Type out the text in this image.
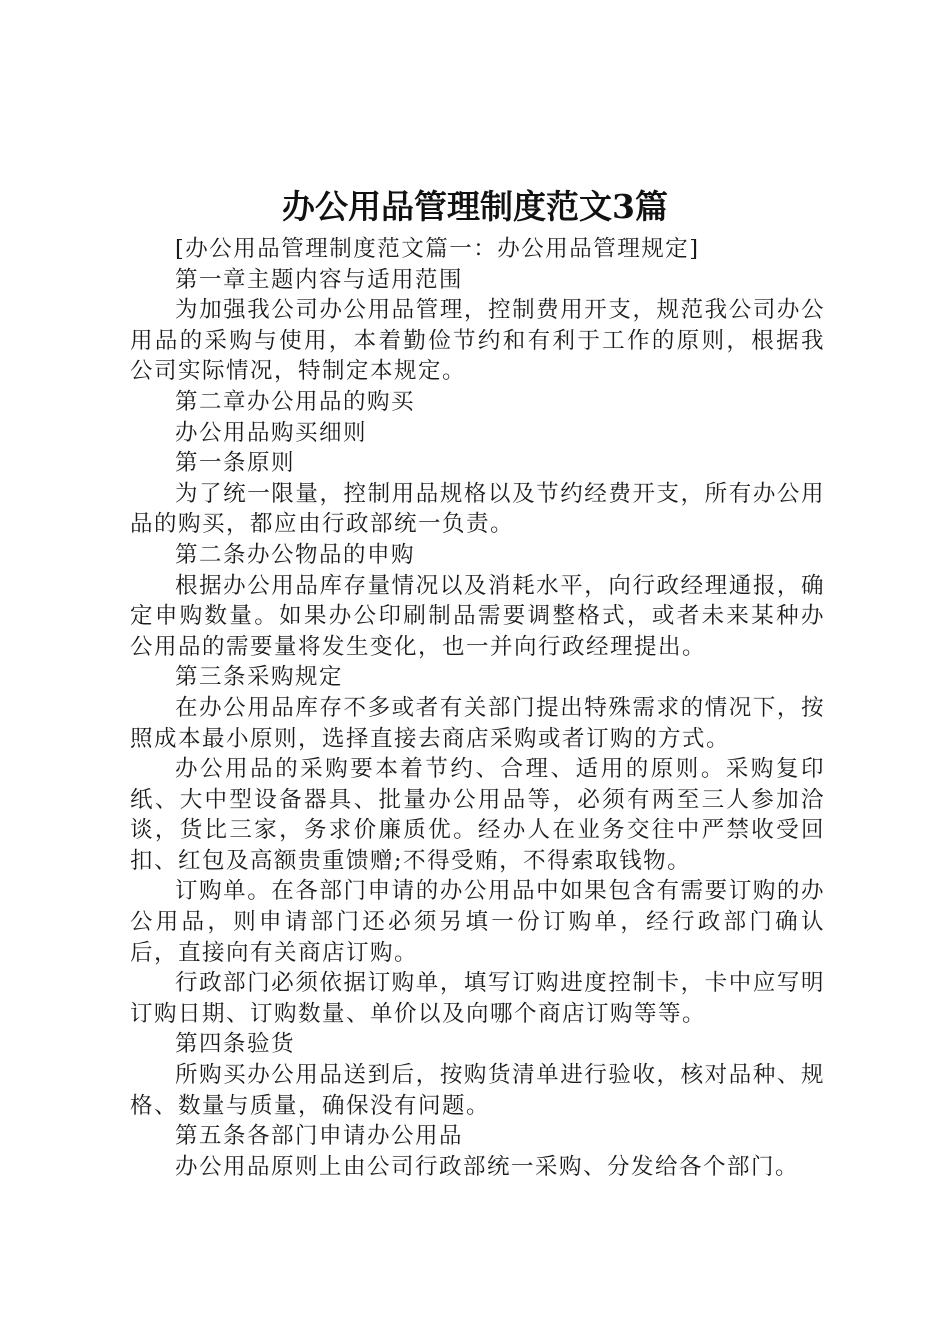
办公用品管理制度范文3篇

[办公用品管理制度范文篇一：办公用品管理规定]

第一章主题内容与适用范围

为加强我公司办公用品管理，控制费用开支，规范我公司办公用品的采购与使用，本着勤俭节约和有利于工作的原则，根据我公司实际情况，特制定本规定。

第二章办公用品的购买

办公用品购买细则

第一条原则

为了统一限量，控制用品规格以及节约经费开支，所有办公用品的购买，都应由行政部统一负责。

第二条办公物品的申购

根据办公用品库存量情况以及消耗水平，向行政经理通报，确定申购数量。如果办公印刷制品需要调整格式，或者未来某种办公用品的需要量将发生变化，也一并向行政经理提出。

第三条采购规定

在办公用品库存不多或者有关部门提出特殊需求的情况下，按照成本最小原则，选择直接去商店采购或者订购的方式。

办公用品的采购要本着节约、合理、适用的原则。采购复印纸、大中型设备器具、批量办公用品等，必须有两至三人参加洽谈，货比三家，务求价廉质优。经办人在业务交往中严禁收受回扣、红包及高额贵重馈赠;不得受贿，不得索取钱物。

订购单。在各部门申请的办公用品中如果包含有需要订购的办公用品，则申请部门还必须另填一份订购单，经行政部门确认后，直接向有关商店订购。

行政部门必须依据订购单，填写订购进度控制卡，卡中应写明订购日期、订购数量、单价以及向哪个商店订购等等。

第四条验货

所购买办公用品送到后，按购货清单进行验收，核对品种、规格、数量与质量，确保没有问题。

第五条各部门申请办公用品

办公用品原则上由公司行政部统一采购、分发给各个部门。
